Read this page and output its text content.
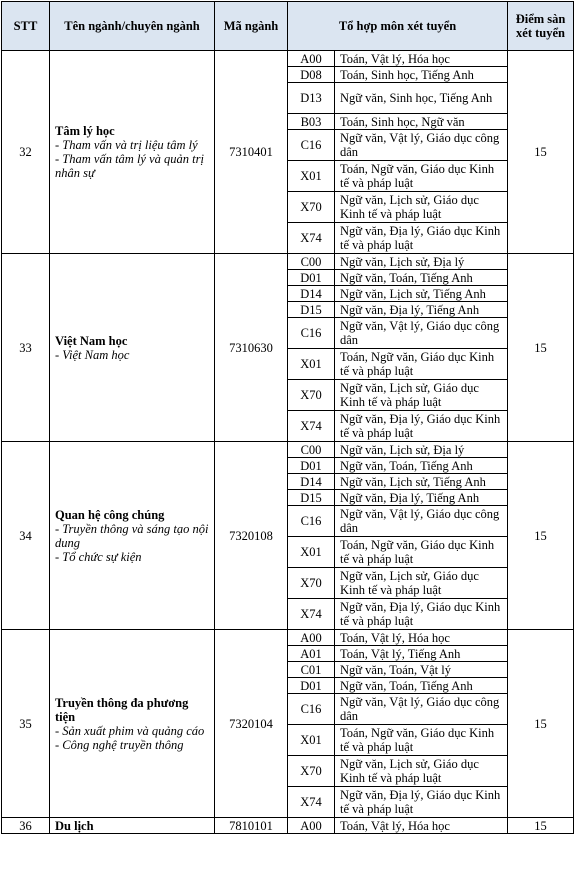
STT	Tên ngành/chuyên ngành	Mã ngành	Tổ hợp môn xét tuyển		Điểm sàn xét tuyển
32	Tâm lý học
- Tham vấn và trị liệu tâm lý
- Tham vấn tâm lý và quản trị nhân sự	7310401	A00	Toán, Vật lý, Hóa học	15
			D08	Toán, Sinh học, Tiếng Anh	
			D13	Ngữ văn, Sinh học, Tiếng Anh	
			B03	Toán, Sinh học, Ngữ văn	
			C16	Ngữ văn, Vật lý, Giáo dục công dân	
			X01	Toán, Ngữ văn, Giáo dục Kinh tế và pháp luật	
			X70	Ngữ văn, Lịch sử, Giáo dục Kinh tế và pháp luật	
			X74	Ngữ văn, Địa lý, Giáo dục Kinh tế và pháp luật	
33	Việt Nam học
- Việt Nam học	7310630	C00	Ngữ văn, Lịch sử, Địa lý	15
			D01	Ngữ văn, Toán, Tiếng Anh	
			D14	Ngữ văn, Lịch sử, Tiếng Anh	
			D15	Ngữ văn, Địa lý, Tiếng Anh	
			C16	Ngữ văn, Vật lý, Giáo dục công dân	
			X01	Toán, Ngữ văn, Giáo dục Kinh tế và pháp luật	
			X70	Ngữ văn, Lịch sử, Giáo dục Kinh tế và pháp luật	
			X74	Ngữ văn, Địa lý, Giáo dục Kinh tế và pháp luật	
34	Quan hệ công chúng
- Truyền thông và sáng tạo nội dung
- Tổ chức sự kiện	7320108	C00	Ngữ văn, Lịch sử, Địa lý	15
			D01	Ngữ văn, Toán, Tiếng Anh	
			D14	Ngữ văn, Lịch sử, Tiếng Anh	
			D15	Ngữ văn, Địa lý, Tiếng Anh	
			C16	Ngữ văn, Vật lý, Giáo dục công dân	
			X01	Toán, Ngữ văn, Giáo dục Kinh tế và pháp luật	
			X70	Ngữ văn, Lịch sử, Giáo dục Kinh tế và pháp luật	
			X74	Ngữ văn, Địa lý, Giáo dục Kinh tế và pháp luật	
35	Truyền thông đa phương tiện
- Sản xuất phim và quảng cáo
- Công nghệ truyền thông	7320104	A00	Toán, Vật lý, Hóa học	15
			A01	Toán, Vật lý, Tiếng Anh	
			C01	Ngữ văn, Toán, Vật lý	
			D01	Ngữ văn, Toán, Tiếng Anh	
			C16	Ngữ văn, Vật lý, Giáo dục công dân	
			X01	Toán, Ngữ văn, Giáo dục Kinh tế và pháp luật	
			X70	Ngữ văn, Lịch sử, Giáo dục Kinh tế và pháp luật	
			X74	Ngữ văn, Địa lý, Giáo dục Kinh tế và pháp luật	
36	Du lịch	7810101	A00	Toán, Vật lý, Hóa học	15
